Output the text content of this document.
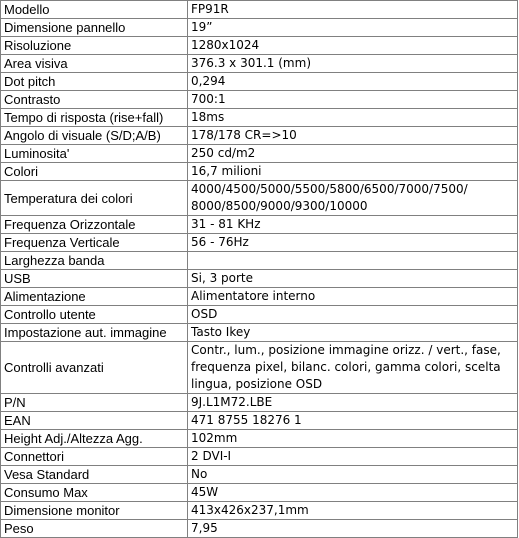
Modello	FP91R
Dimensione pannello	19”
Risoluzione	1280x1024
Area visiva	376.3 x 301.1 (mm)
Dot pitch	0,294
Contrasto	700:1
Tempo di risposta (rise+fall)	18ms
Angolo di visuale (S/D;A/B)	178/178 CR=>10
Luminosita'	250 cd/m2
Colori	16,7 milioni
Temperatura dei colori	4000/4500/5000/5500/5800/6500/7000/7500/ 8000/8500/9000/9300/10000
Frequenza Orizzontale	31 - 81 KHz
Frequenza Verticale	56 - 76Hz
Larghezza banda	
USB	Si, 3 porte
Alimentazione	Alimentatore interno
Controllo utente	OSD
Impostazione aut. immagine	Tasto Ikey
Controlli avanzati	Contr., lum., posizione immagine orizz. / vert., fase, frequenza pixel, bilanc. colori, gamma colori, scelta lingua, posizione OSD
P/N	9J.L1M72.LBE
EAN	471 8755 18276 1
Height Adj./Altezza Agg.	102mm
Connettori	2 DVI-I
Vesa Standard	No
Consumo Max	45W
Dimensione monitor	413x426x237,1mm
Peso	7,95
